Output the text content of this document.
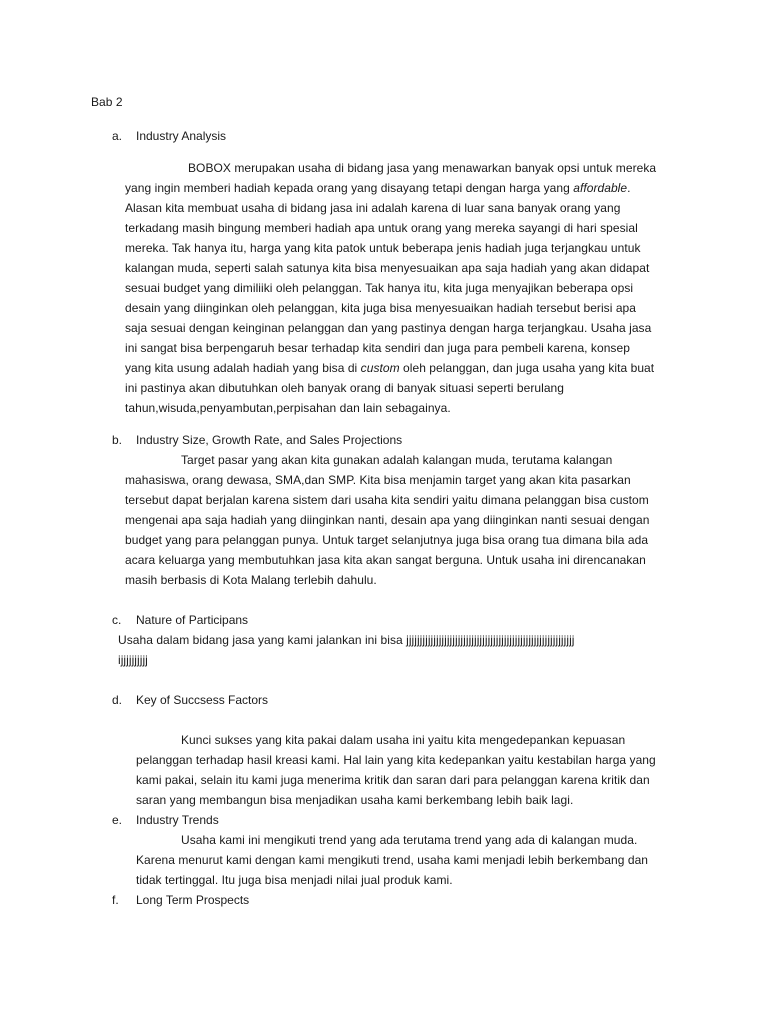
Bab 2
a. Industry Analysis
BOBOX merupakan usaha di bidang jasa yang menawarkan banyak opsi untuk mereka
yang ingin memberi hadiah kepada orang yang disayang tetapi dengan harga yang affordable.
Alasan kita membuat usaha di bidang jasa ini adalah karena di luar sana banyak orang yang
terkadang masih bingung memberi hadiah apa untuk orang yang mereka sayangi di hari spesial
mereka. Tak hanya itu, harga yang kita patok untuk beberapa jenis hadiah juga terjangkau untuk
kalangan muda, seperti salah satunya kita bisa menyesuaikan apa saja hadiah yang akan didapat
sesuai budget yang dimiliiki oleh pelanggan. Tak hanya itu, kita juga menyajikan beberapa opsi
desain yang diinginkan oleh pelanggan, kita juga bisa menyesuaikan hadiah tersebut berisi apa
saja sesuai dengan keinginan pelanggan dan yang pastinya dengan harga terjangkau. Usaha jasa
ini sangat bisa berpengaruh besar terhadap kita sendiri dan juga para pembeli karena, konsep
yang kita usung adalah hadiah yang bisa di custom oleh pelanggan, dan juga usaha yang kita buat
ini pastinya akan dibutuhkan oleh banyak orang di banyak situasi seperti berulang
tahun,wisuda,penyambutan,perpisahan dan lain sebagainya.
b. Industry Size, Growth Rate, and Sales Projections
Target pasar yang akan kita gunakan adalah kalangan muda, terutama kalangan
mahasiswa, orang dewasa, SMA,dan SMP. Kita bisa menjamin target yang akan kita pasarkan
tersebut dapat berjalan karena sistem dari usaha kita sendiri yaitu dimana pelanggan bisa custom
mengenai apa saja hadiah yang diinginkan nanti, desain apa yang diinginkan nanti sesuai dengan
budget yang para pelanggan punya. Untuk target selanjutnya juga bisa orang tua dimana bila ada
acara keluarga yang membutuhkan jasa kita akan sangat berguna. Untuk usaha ini direncanakan
masih berbasis di Kota Malang terlebih dahulu.
c. Nature of Participans
Usaha dalam bidang jasa yang kami jalankan ini bisa jjjjjjjjjjjjjjjjjjjjjjjjjjjjjjjjjjjjjjjjjjjjjjjjjjjjjjjjjjjjjj
ijjjjjjjjjj
d. Key of Succsess Factors
Kunci sukses yang kita pakai dalam usaha ini yaitu kita mengedepankan kepuasan
pelanggan terhadap hasil kreasi kami. Hal lain yang kita kedepankan yaitu kestabilan harga yang
kami pakai, selain itu kami juga menerima kritik dan saran dari para pelanggan karena kritik dan
saran yang membangun bisa menjadikan usaha kami berkembang lebih baik lagi.
e. Industry Trends
Usaha kami ini mengikuti trend yang ada terutama trend yang ada di kalangan muda.
Karena menurut kami dengan kami mengikuti trend, usaha kami menjadi lebih berkembang dan
tidak tertinggal. Itu juga bisa menjadi nilai jual produk kami.
f. Long Term Prospects
